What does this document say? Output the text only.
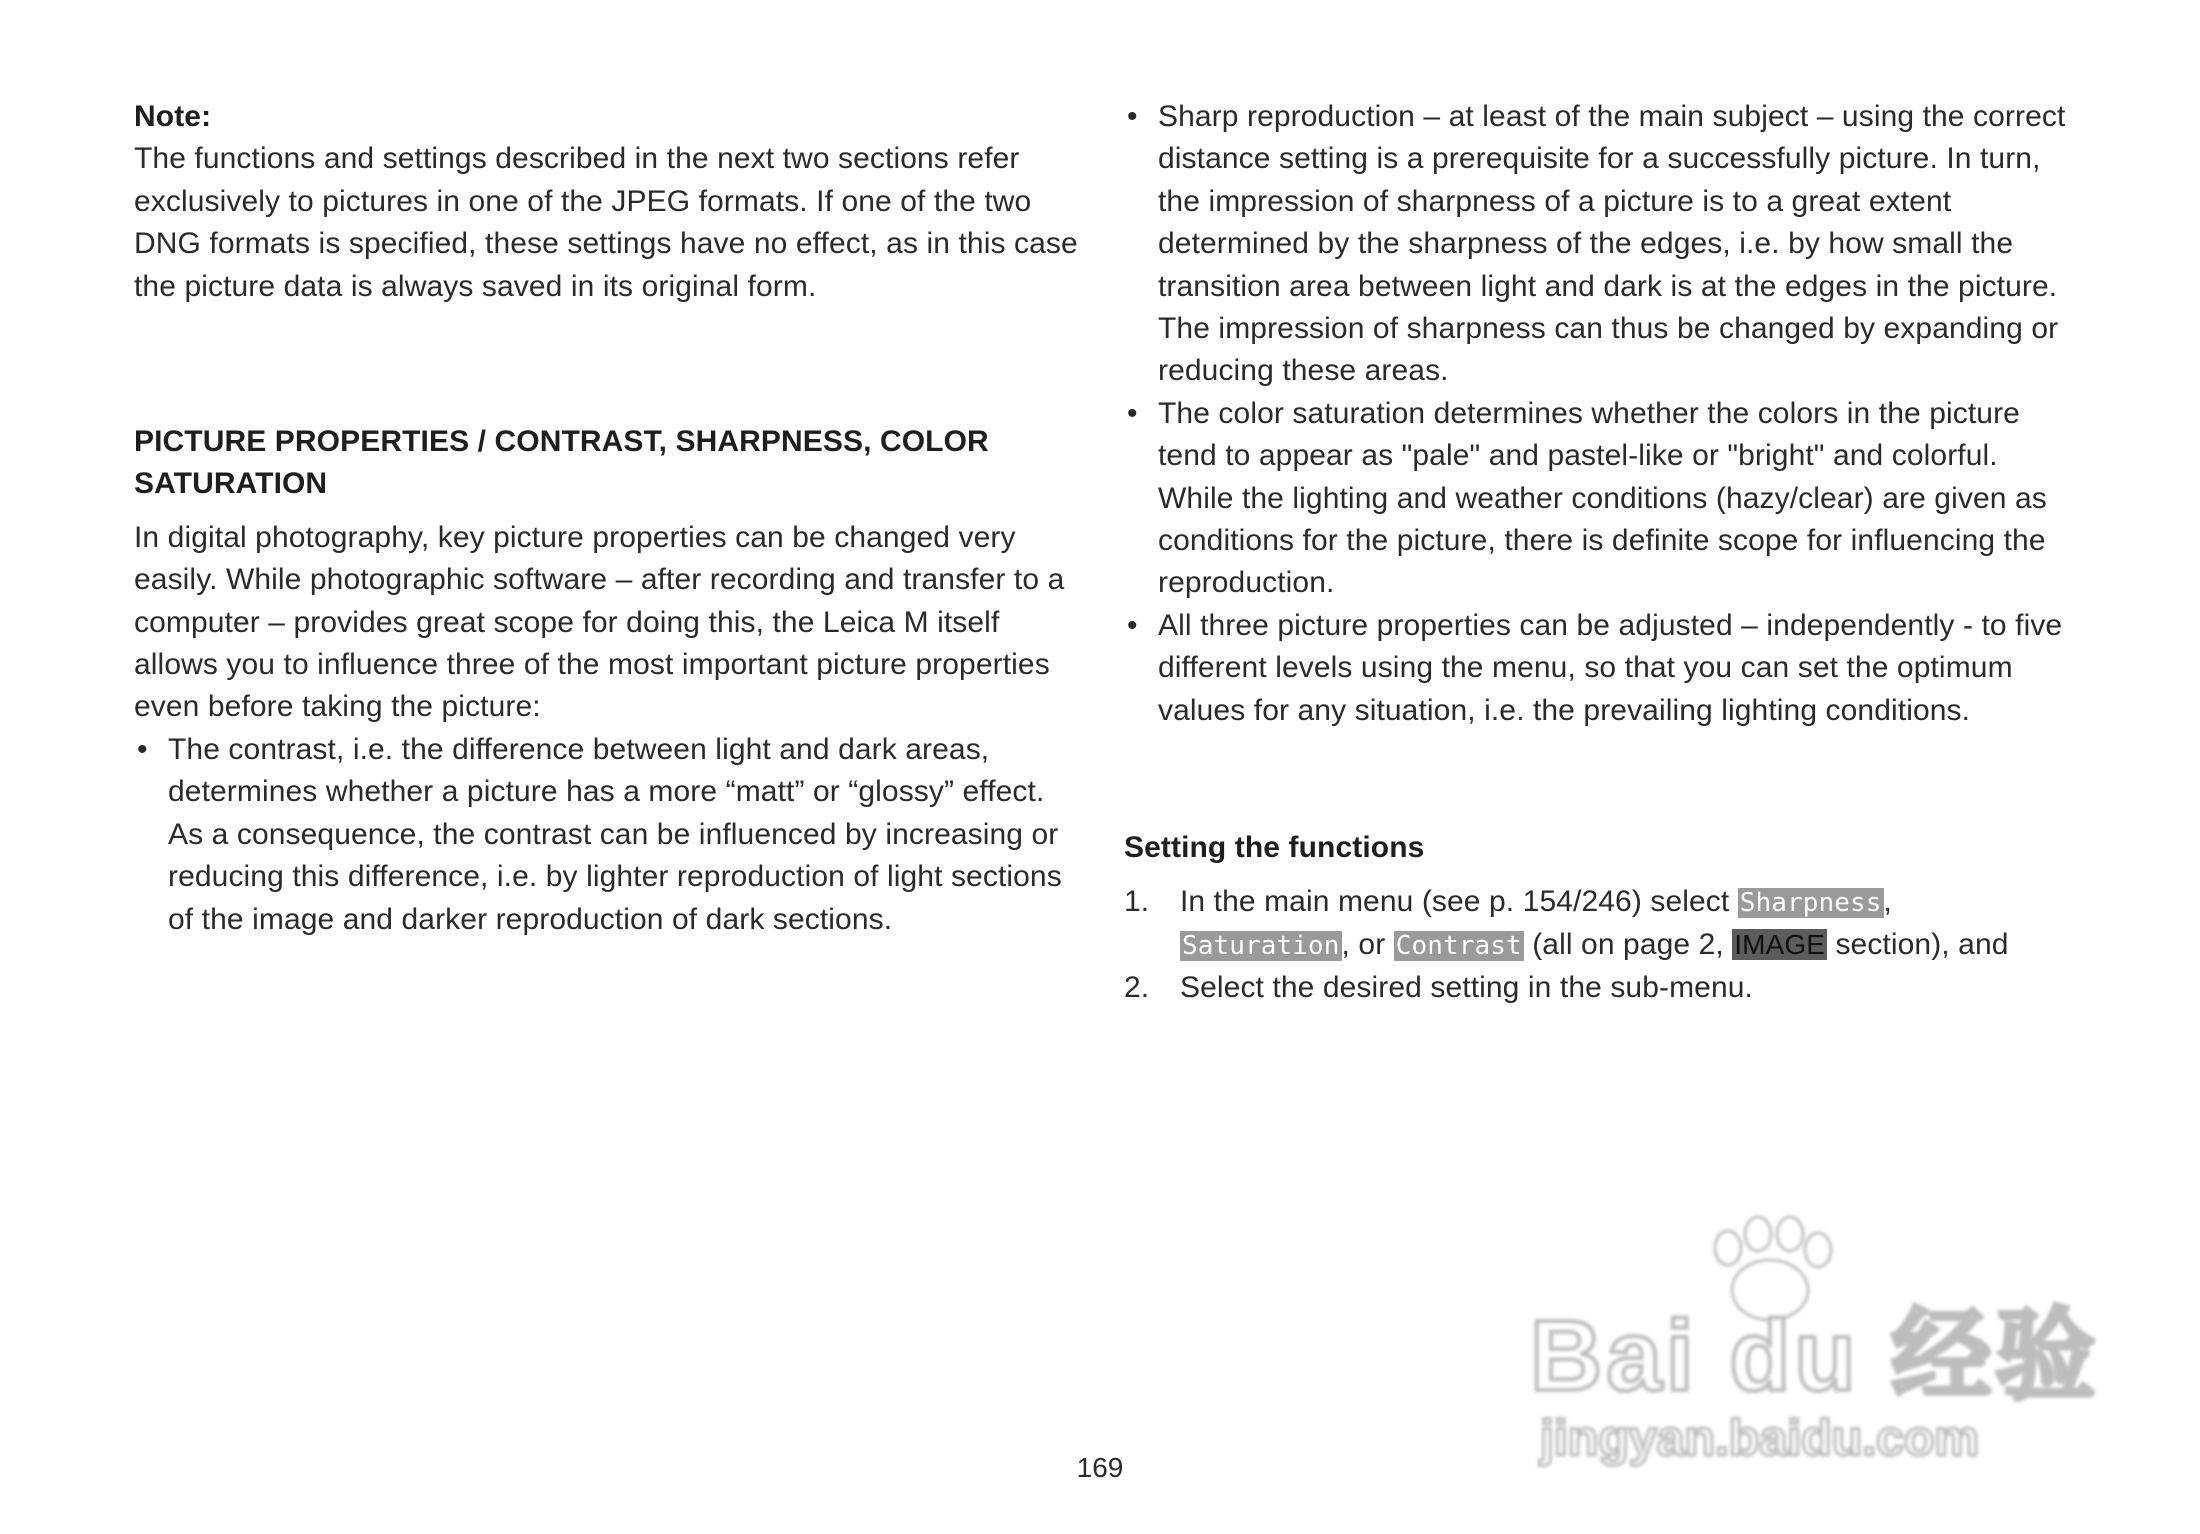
Note:

The functions and settings described in the next two sections refer exclusively to pictures in one of the JPEG formats. If one of the two DNG formats is specified, these settings have no effect, as in this case the picture data is always saved in its original form.

PICTURE PROPERTIES / CONTRAST, SHARPNESS, COLOR SATURATION

In digital photography, key picture properties can be changed very easily. While photographic software – after recording and transfer to a computer – provides great scope for doing this, the Leica M itself allows you to influence three of the most important picture properties even before taking the picture:

• The contrast, i.e. the difference between light and dark areas, determines whether a picture has a more “matt” or “glossy” effect. As a consequence, the contrast can be influenced by increasing or reducing this difference, i.e. by lighter reproduction of light sections of the image and darker reproduction of dark sections.
• Sharp reproduction – at least of the main subject – using the correct distance setting is a prerequisite for a successfully picture. In turn, the impression of sharpness of a picture is to a great extent determined by the sharpness of the edges, i.e. by how small the transition area between light and dark is at the edges in the picture. The impression of sharpness can thus be changed by expanding or reducing these areas.
• The color saturation determines whether the colors in the picture tend to appear as "pale" and pastel-like or "bright" and colorful. While the lighting and weather conditions (hazy/clear) are given as conditions for the picture, there is definite scope for influencing the reproduction.
• All three picture properties can be adjusted – independently - to five different levels using the menu, so that you can set the optimum values for any situation, i.e. the prevailing lighting conditions.
Setting the functions
1. In the main menu (see p. 154/246) select Sharpness,
Saturation, or Contrast (all on page 2, IMAGE section), and
2. Select the desired setting in the sub-menu.
169
Bai du 经验
jingyan.baidu.com
